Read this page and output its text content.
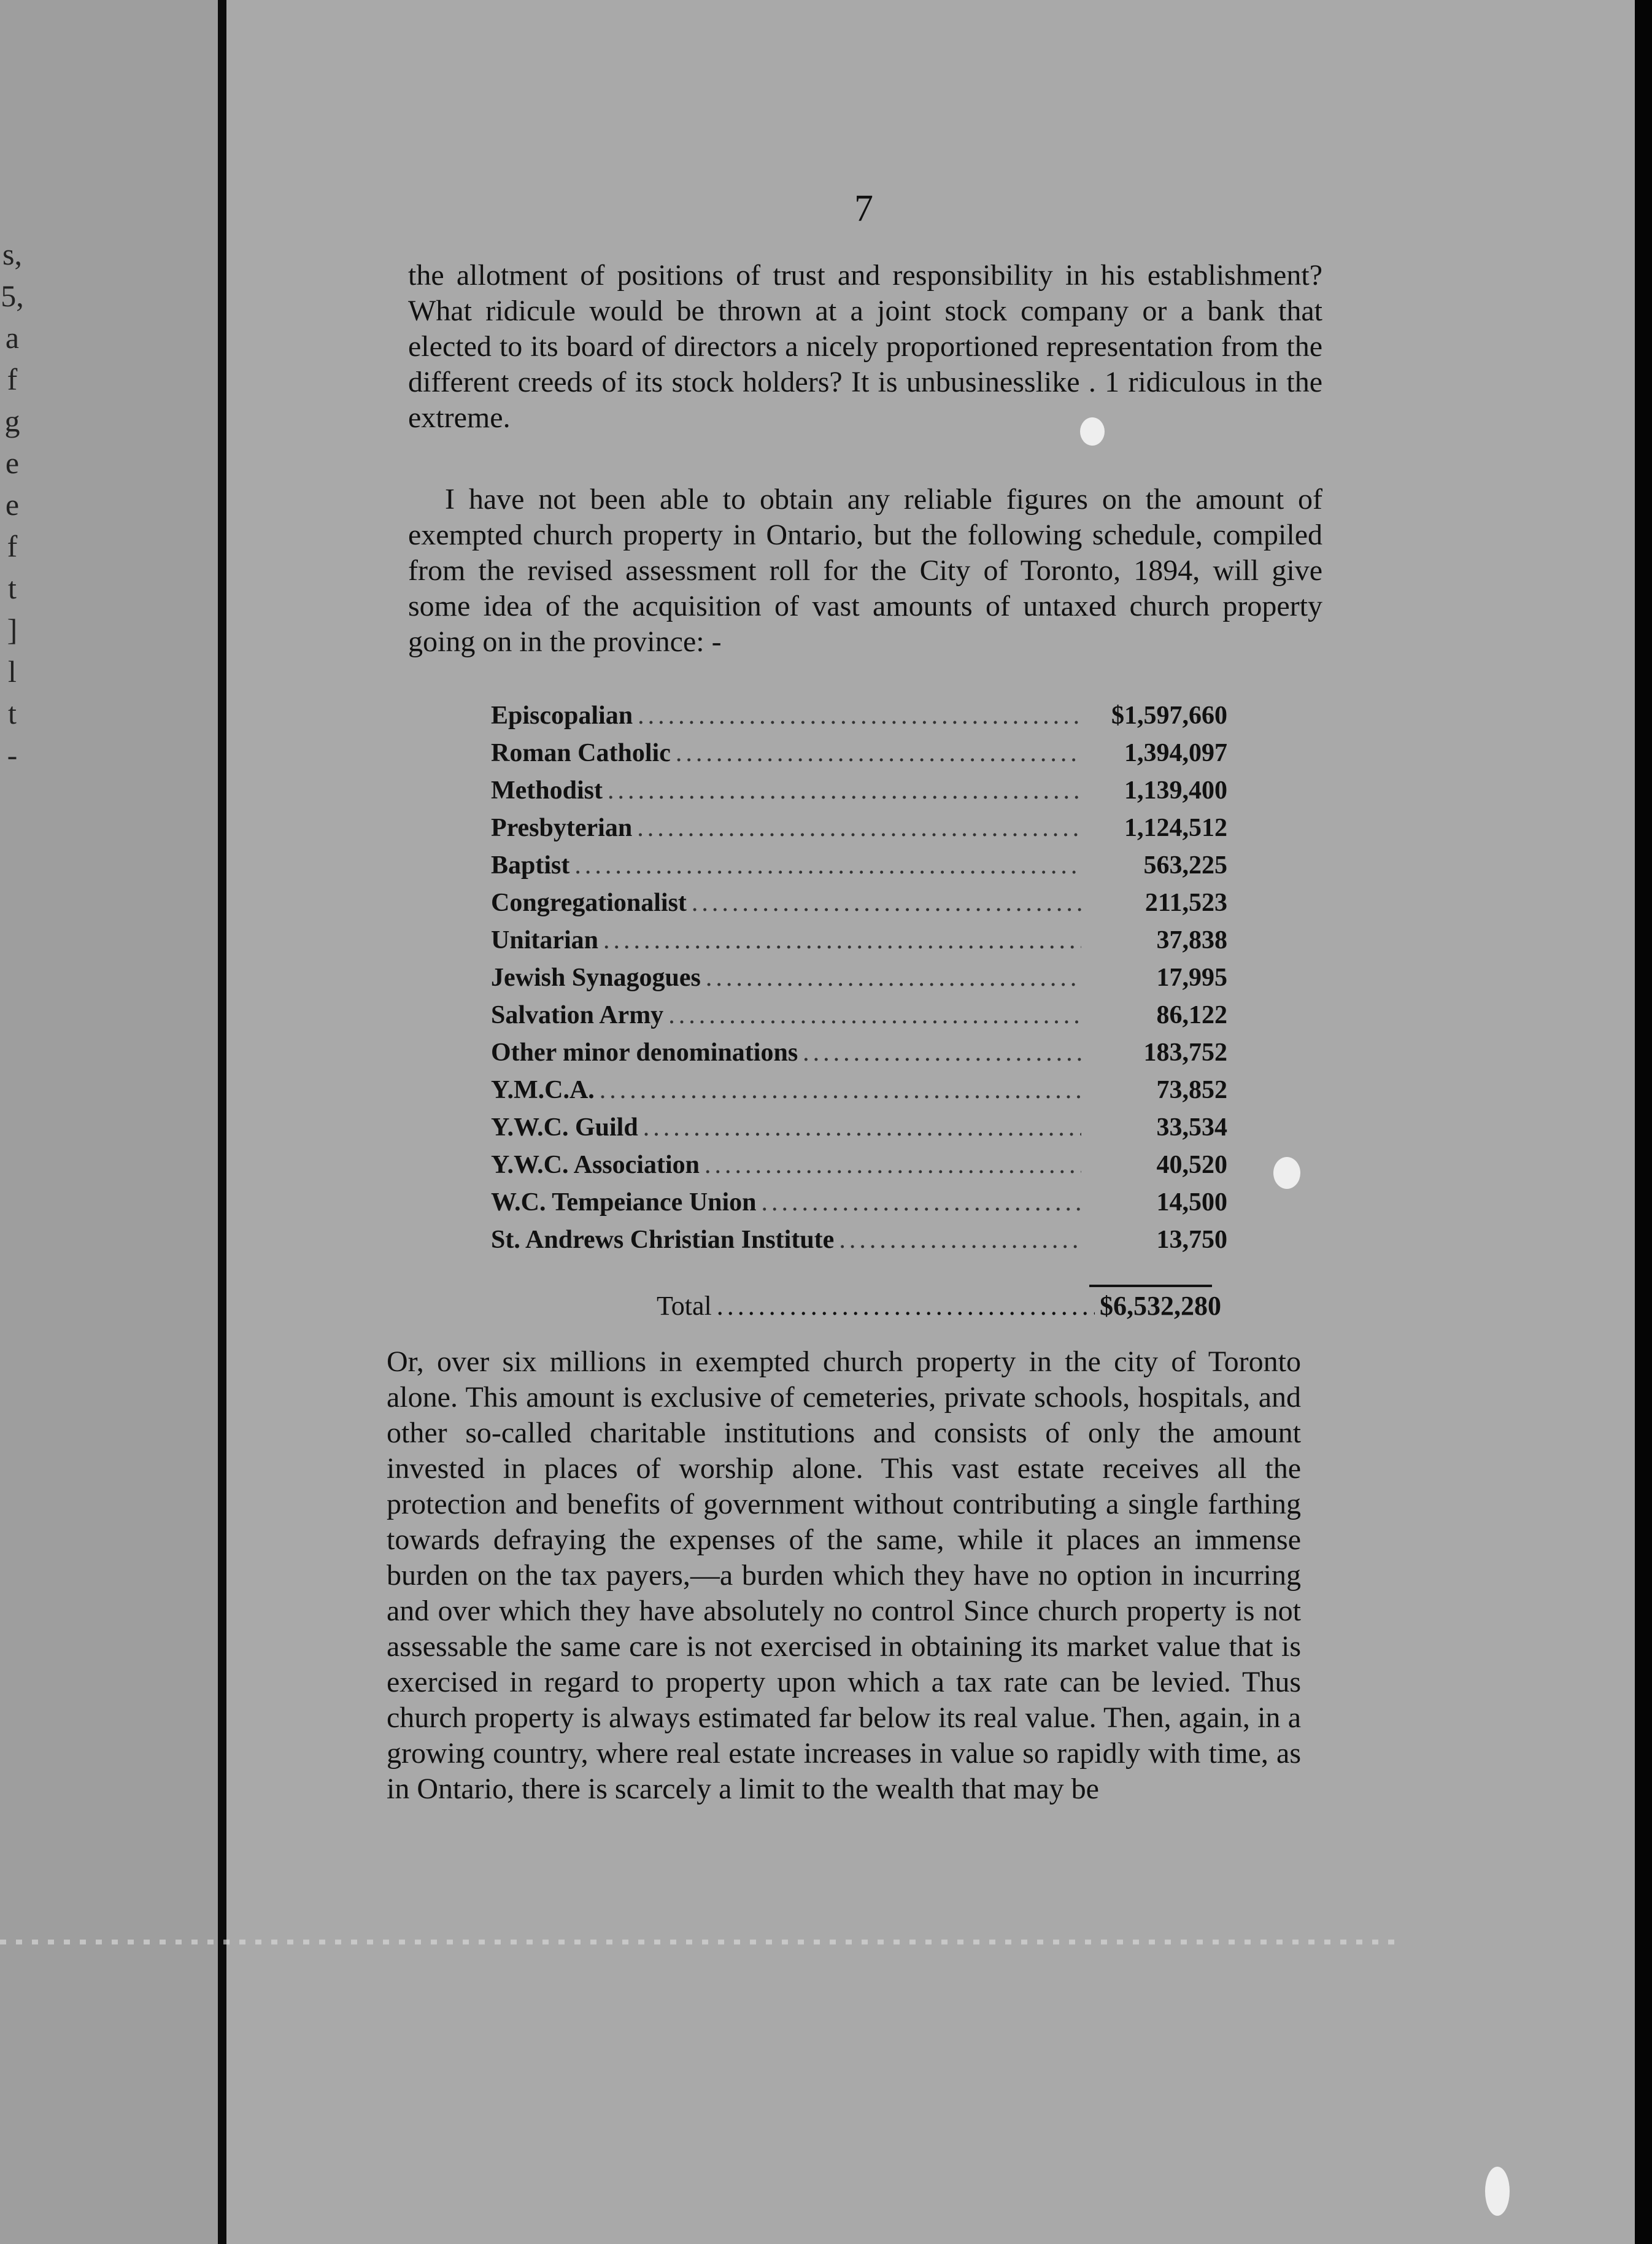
s,
5,
a
f
g
e
e
f
t
]
l
t
-
7
the allotment of positions of trust and responsibility in his establishment? What ridicule would be thrown at a joint stock company or a bank that elected to its board of directors a nicely proportioned representation from the different creeds of its stock holders? It is unbusinesslike . 1 ridiculous in the extreme.
I have not been able to obtain any reliable figures on the amount of exempted church property in Ontario, but the following schedule, compiled from the revised assessment roll for the City of Toronto, 1894, will give some idea of the acquisition of vast amounts of untaxed church property going on in the province: -
Episcopalian .....	$1,597,660
Roman Catholic .....	1,394,097
Methodist .....	1,139,400
Presbyterian .....	1,124,512
Baptist .....	563,225
Congregationalist .....	211,523
Unitarian .....	37,838
Jewish Synagogues .....	17,995
Salvation Army .....	86,122
Other minor denominations .....	183,752
Y.M.C.A. .....	73,852
Y.W.C. Guild .....	33,534
Y.W.C. Association .....	40,520
W.C. Tempeiance Union .....	14,500
St. Andrews Christian Institute .....	13,750
Total .....	$6,532,280
Or, over six millions in exempted church property in the city of Toronto alone. This amount is exclusive of cemeteries, private schools, hospitals, and other so-called charitable institutions and consists of only the amount invested in places of worship alone. This vast estate receives all the protection and benefits of government without contributing a single farthing towards defraying the expenses of the same, while it places an immense burden on the tax payers,—a burden which they have no option in incurring and over which they have absolutely no control Since church property is not assessable the same care is not exercised in obtaining its market value that is exercised in regard to property upon which a tax rate can be levied. Thus church property is always estimated far below its real value. Then, again, in a growing country, where real estate increases in value so rapidly with time, as in Ontario, there is scarcely a limit to the wealth that may be
